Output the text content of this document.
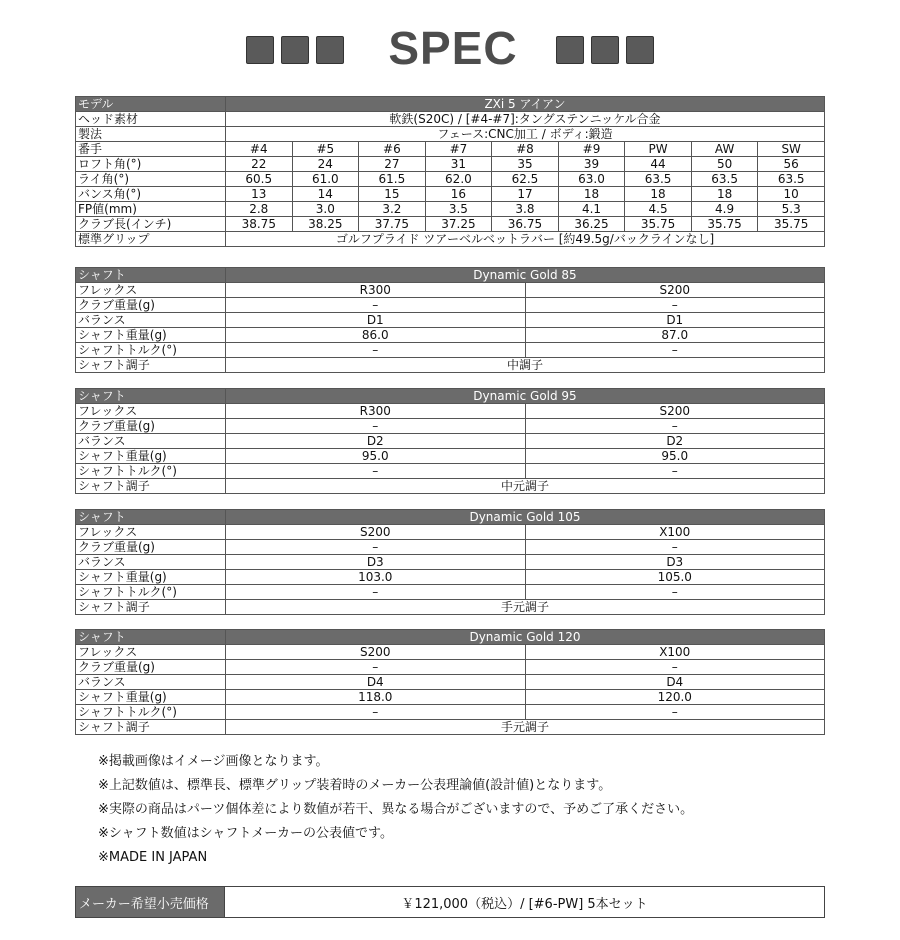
SPEC
モデル	ZXi 5 アイアン								
ヘッド素材	軟鉄(S20C) / [#4-#7]:タングステンニッケル合金								
製法	フェース:CNC加工 / ボディ:鍛造								
番手	#4	#5	#6	#7	#8	#9	PW	AW	SW
ロフト角(°)	22	24	27	31	35	39	44	50	56
ライ角(°)	60.5	61.0	61.5	62.0	62.5	63.0	63.5	63.5	63.5
バンス角(°)	13	14	15	16	17	18	18	18	10
FP値(mm)	2.8	3.0	3.2	3.5	3.8	4.1	4.5	4.9	5.3
クラブ長(インチ)	38.75	38.25	37.75	37.25	36.75	36.25	35.75	35.75	35.75
標準グリップ	ゴルフプライド ツアーベルベットラバー [約49.5g/バックラインなし]								
シャフト	Dynamic Gold 85	
フレックス	R300	S200
クラブ重量(g)	–	–
バランス	D1	D1
シャフト重量(g)	86.0	87.0
シャフトトルク(°)	–	–
シャフト調子	中調子	
シャフト	Dynamic Gold 95	
フレックス	R300	S200
クラブ重量(g)	–	–
バランス	D2	D2
シャフト重量(g)	95.0	95.0
シャフトトルク(°)	–	–
シャフト調子	中元調子	
シャフト	Dynamic Gold 105	
フレックス	S200	X100
クラブ重量(g)	–	–
バランス	D3	D3
シャフト重量(g)	103.0	105.0
シャフトトルク(°)	–	–
シャフト調子	手元調子	
シャフト	Dynamic Gold 120	
フレックス	S200	X100
クラブ重量(g)	–	–
バランス	D4	D4
シャフト重量(g)	118.0	120.0
シャフトトルク(°)	–	–
シャフト調子	手元調子	
※掲載画像はイメージ画像となります。
※上記数値は、標準長、標準グリップ装着時のメーカー公表理論値(設計値)となります。
※実際の商品はパーツ個体差により数値が若干、異なる場合がございますので、予めご了承ください。
※シャフト数値はシャフトメーカーの公表値です。
※MADE IN JAPAN
メーカー希望小売価格	￥121,000（税込）/ [#6-PW] 5本セット
